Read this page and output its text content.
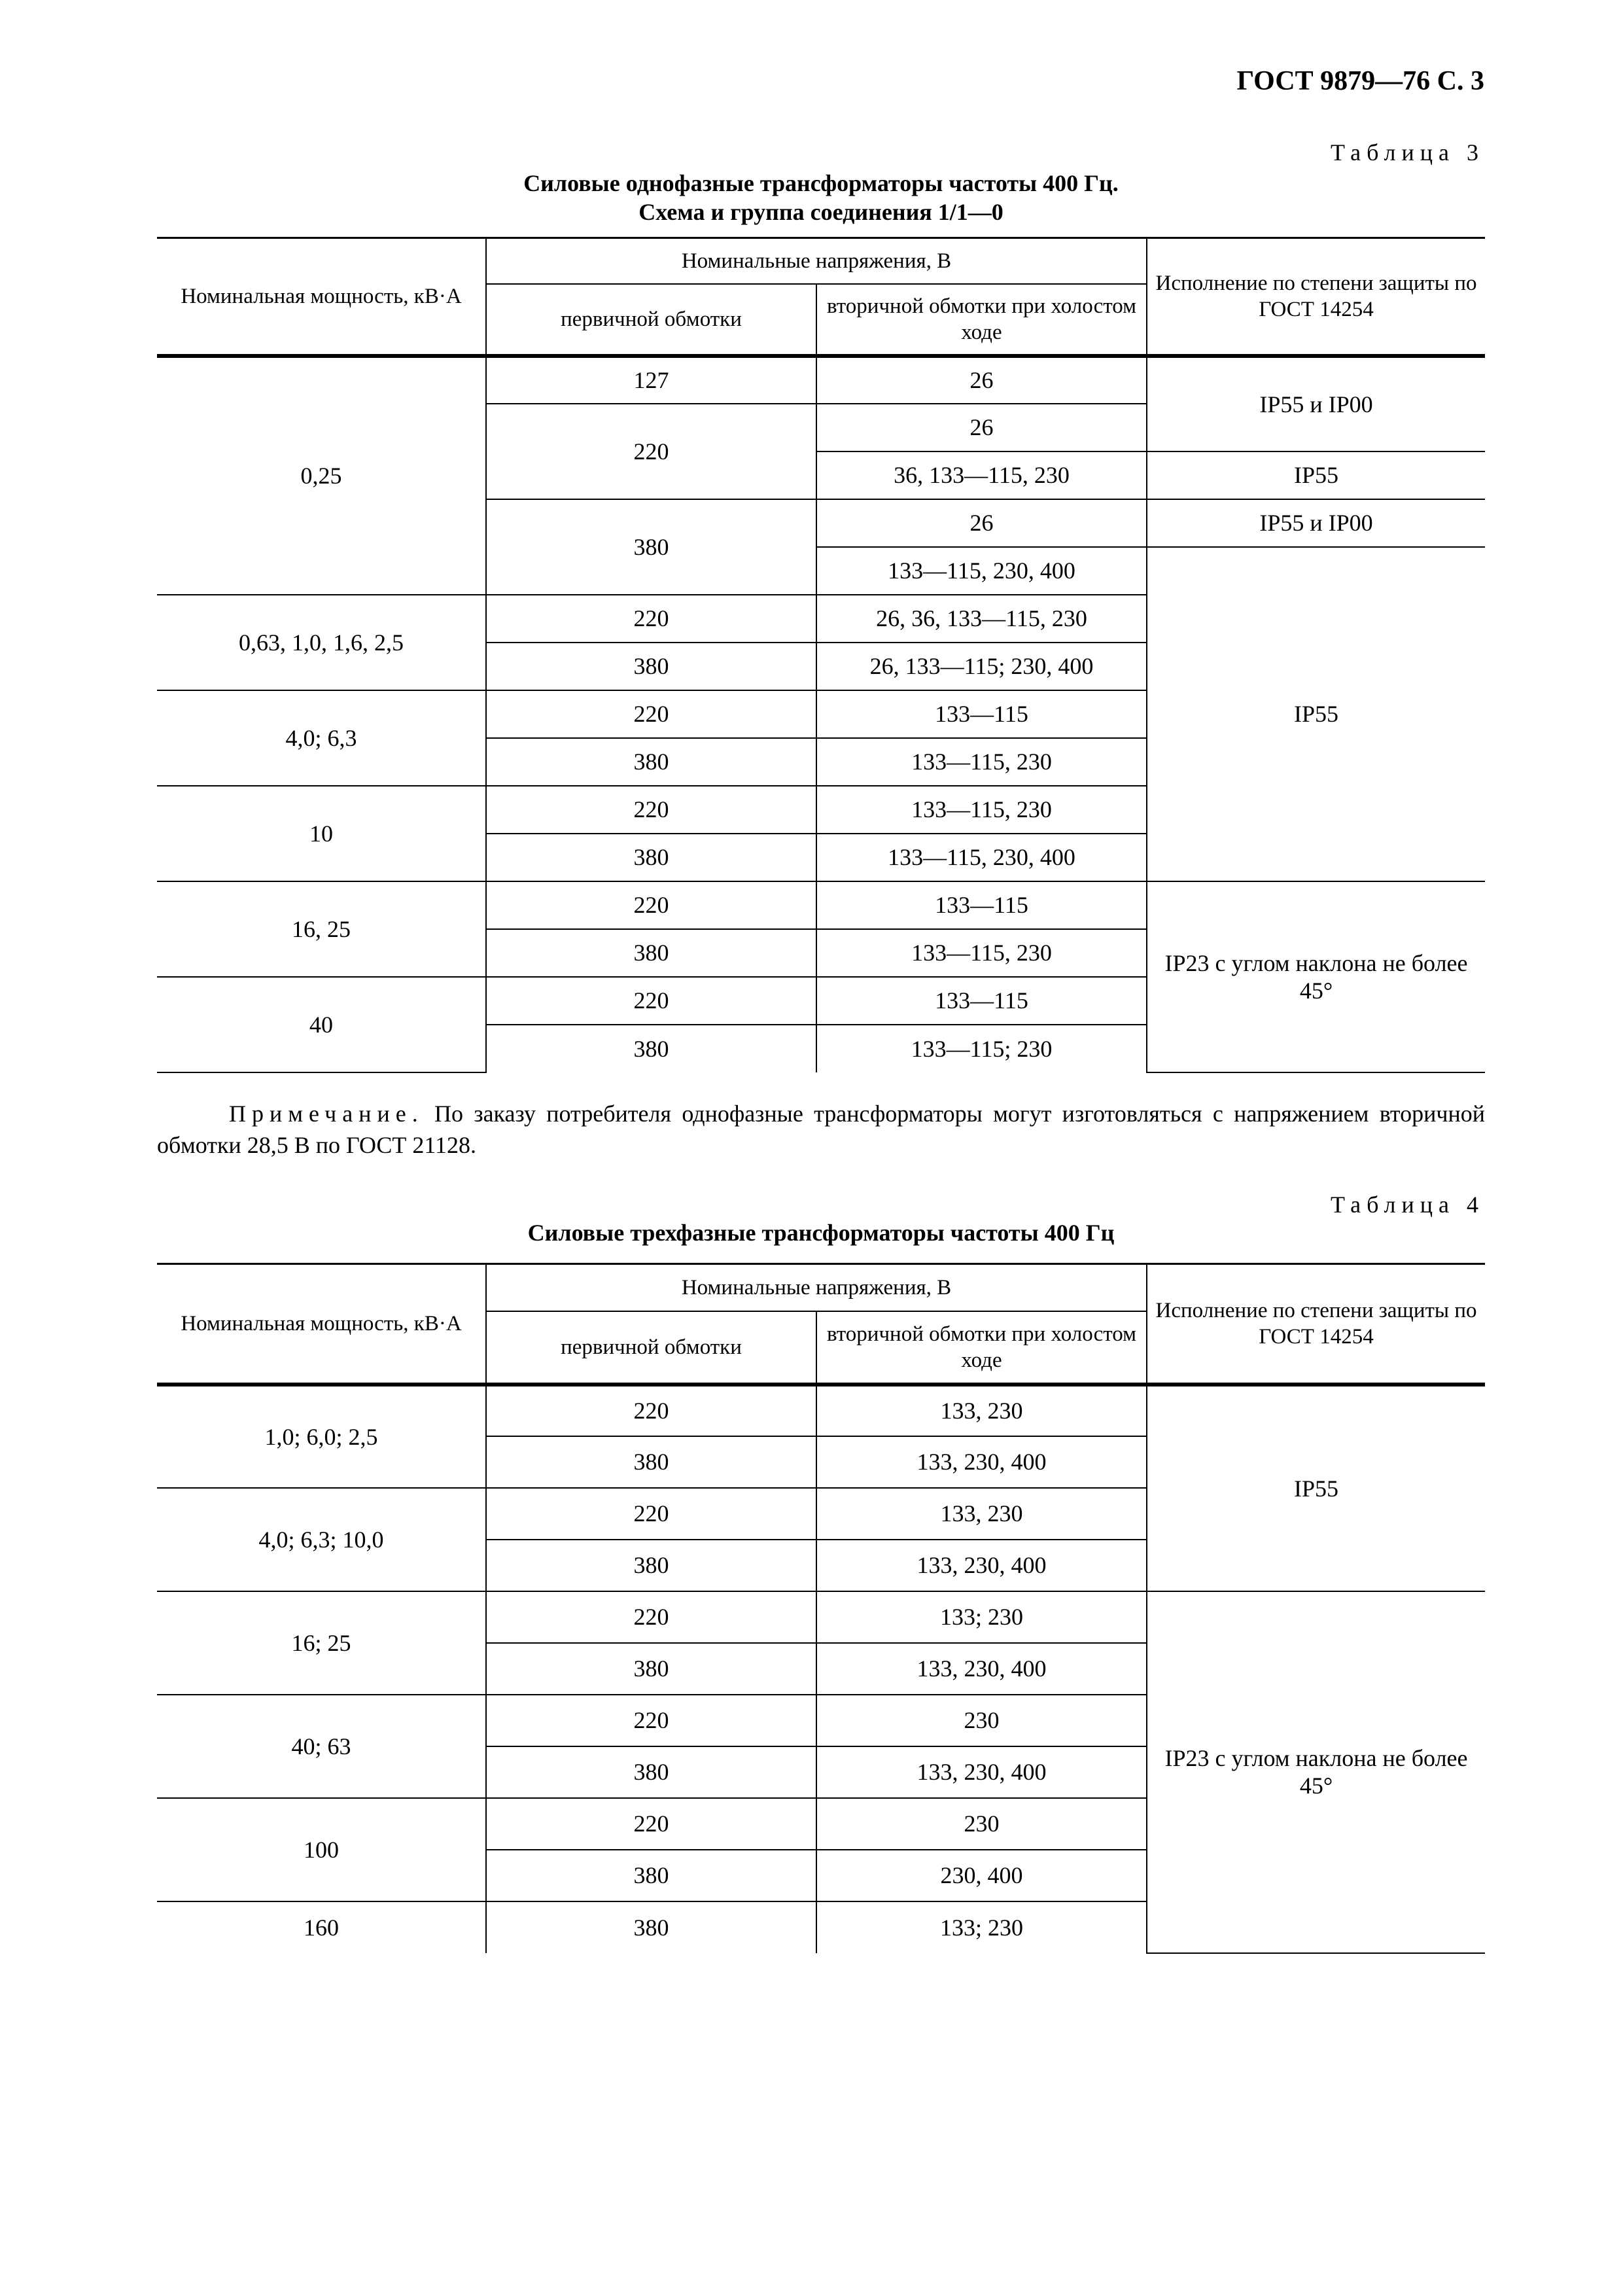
ГОСТ 9879—76 С. 3
Таблица 3
Силовые однофазные трансформаторы частоты 400 Гц.
Схема и группа соединения 1/1—0
Номинальная мощность, кВ·А	Номинальные напряжения, В		Исполнение по степени защиты по ГОСТ 14254
	первичной обмотки	вторичной обмотки при холостом ходе	
0,25	127	26	IP55 и IP00
	220	26	
		36, 133—115, 230	IP55
	380	26	IP55 и IP00
		133—115, 230, 400	IP55
0,63, 1,0, 1,6, 2,5	220	26, 36, 133—115, 230	
	380	26, 133—115; 230, 400	
4,0; 6,3	220	133—115	
	380	133—115, 230	
10	220	133—115, 230	
	380	133—115, 230, 400	
16, 25	220	133—115	IP23 с углом наклона не более 45°
	380	133—115, 230	
40	220	133—115	
	380	133—115; 230	
Примечание. По заказу потребителя однофазные трансформаторы могут изготовляться с напряжением вторичной обмотки 28,5 В по ГОСТ 21128.
Таблица 4
Силовые трехфазные трансформаторы частоты 400 Гц
Номинальная мощность, кВ·А	Номинальные напряжения, В		Исполнение по степени защиты по ГОСТ 14254
	первичной обмотки	вторичной обмотки при холостом ходе	
1,0; 6,0; 2,5	220	133, 230	IP55
	380	133, 230, 400	
4,0; 6,3; 10,0	220	133, 230	
	380	133, 230, 400	
16; 25	220	133; 230	IP23 с углом наклона не более 45°
	380	133, 230, 400	
40; 63	220	230	
	380	133, 230, 400	
100	220	230	
	380	230, 400	
160	380	133; 230	
